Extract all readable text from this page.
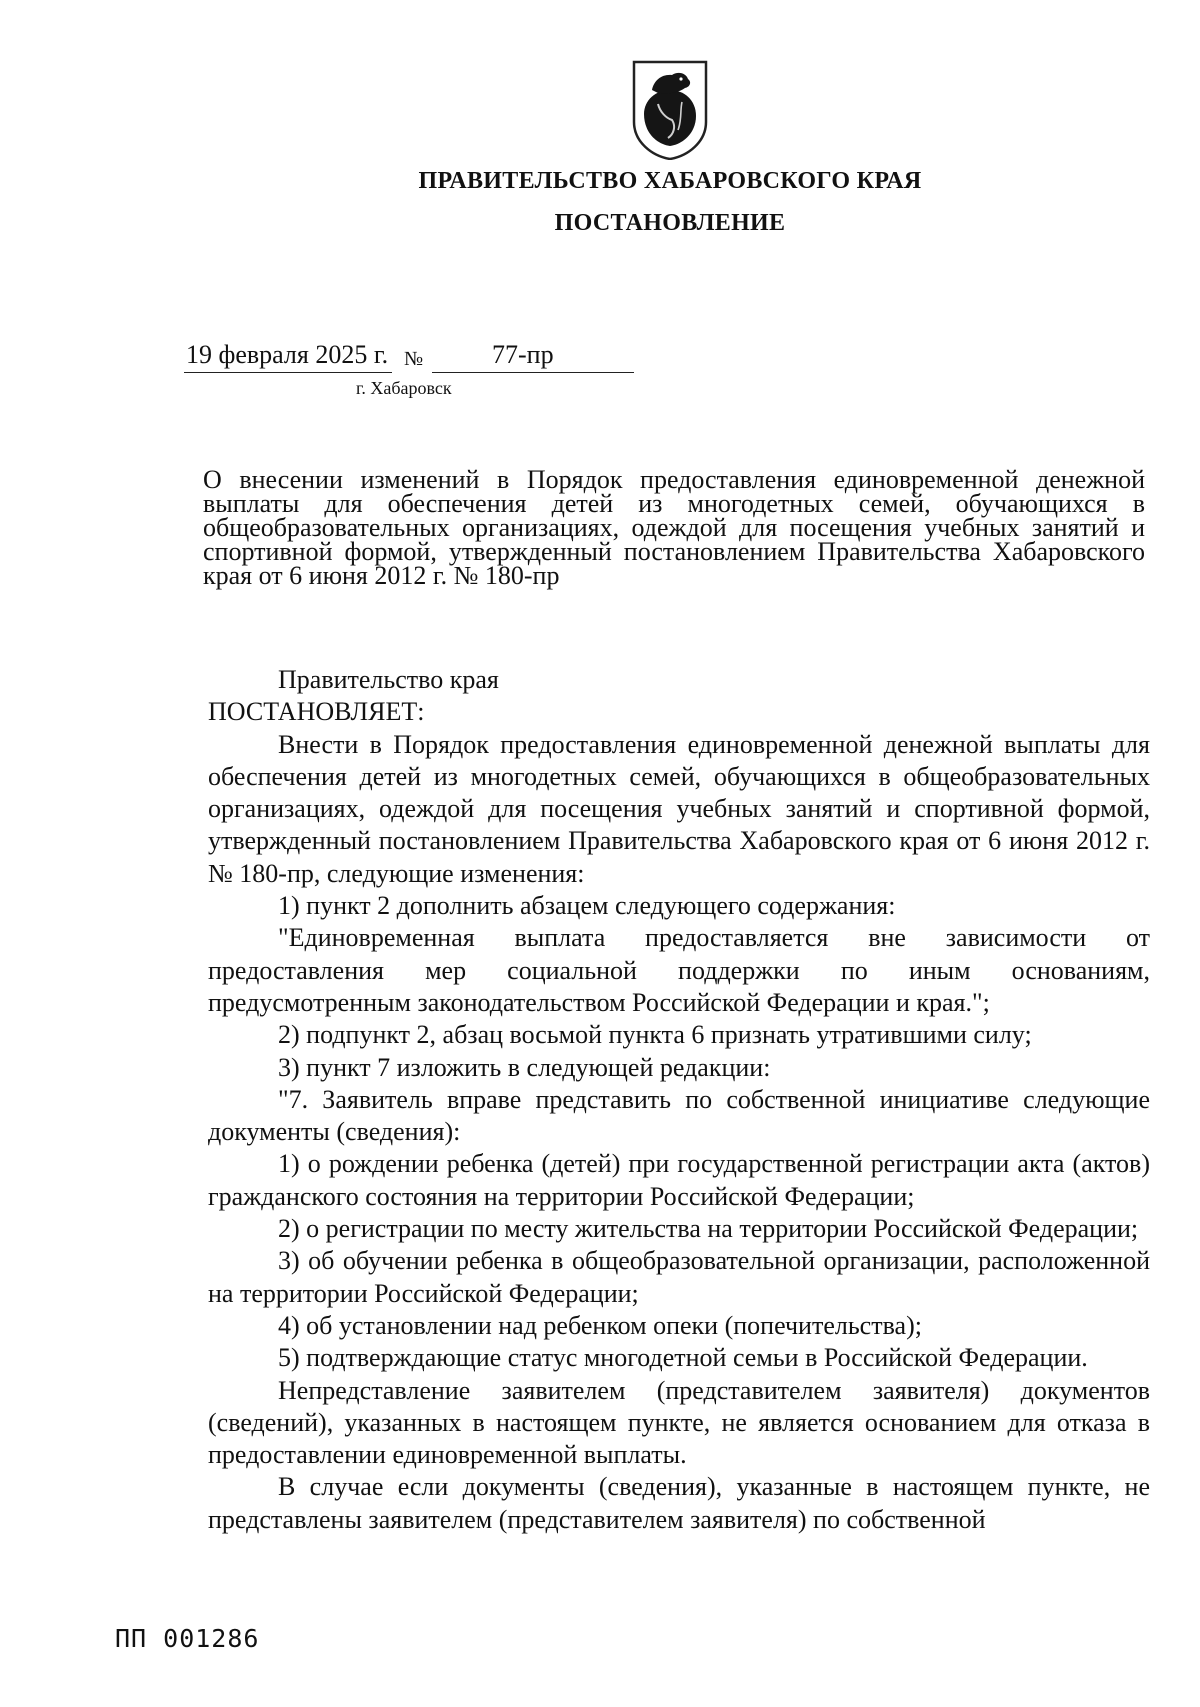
ПРАВИТЕЛЬСТВО ХАБАРОВСКОГО КРАЯ
ПОСТАНОВЛЕНИЕ
19 февраля 2025 г. №	77-пр
г. Хабаровск
О внесении изменений в Порядок предоставления единовременной денежной выплаты для обеспечения детей из многодетных семей, обучающихся в общеобразовательных организациях, одеждой для посещения учебных занятий и спортивной формой, утвержденный постановлением Правительства Хабаровского края от 6 июня 2012 г. № 180-пр

Правительство края

ПОСТАНОВЛЯЕТ:

Внести в Порядок предоставления единовременной денежной выплаты для обеспечения детей из многодетных семей, обучающихся в общеобразовательных организациях, одеждой для посещения учебных занятий и спортивной формой, утвержденный постановлением Правительства Хабаровского края от 6 июня 2012 г. № 180-пр, следующие изменения:

1) пункт 2 дополнить абзацем следующего содержания:

"Единовременная выплата предоставляется вне зависимости от предоставления мер социальной поддержки по иным основаниям, предусмотренным законодательством Российской Федерации и края.";

2) подпункт 2, абзац восьмой пункта 6 признать утратившими силу;

3) пункт 7 изложить в следующей редакции:

"7. Заявитель вправе представить по собственной инициативе следующие документы (сведения):

1) о рождении ребенка (детей) при государственной регистрации акта (актов) гражданского состояния на территории Российской Федерации;

2) о регистрации по месту жительства на территории Российской Федерации;

3) об обучении ребенка в общеобразовательной организации, расположенной на территории Российской Федерации;

4) об установлении над ребенком опеки (попечительства);

5) подтверждающие статус многодетной семьи в Российской Федерации.

Непредставление заявителем (представителем заявителя) документов (сведений), указанных в настоящем пункте, не является основанием для отказа в предоставлении единовременной выплаты.

В случае если документы (сведения), указанные в настоящем пункте, не представлены заявителем (представителем заявителя) по собственной

ПП 001286
